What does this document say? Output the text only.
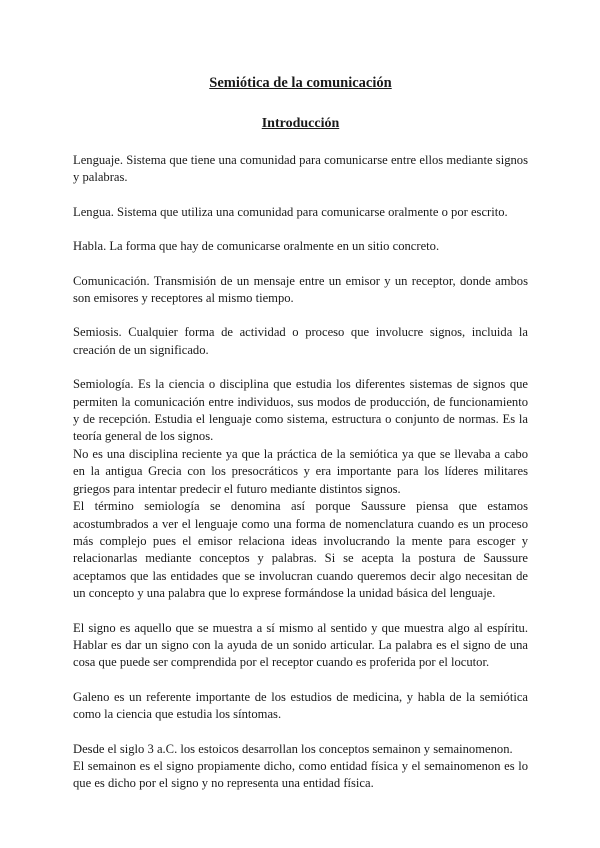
Semiótica de la comunicación
Introducción

Lenguaje. Sistema que tiene una comunidad para comunicarse entre ellos mediante signos y palabras.

Lengua. Sistema que utiliza una comunidad para comunicarse oralmente o por escrito.

Habla. La forma que hay de comunicarse oralmente en un sitio concreto.

Comunicación. Transmisión de un mensaje entre un emisor y un receptor, donde ambos son emisores y receptores al mismo tiempo.

Semiosis. Cualquier forma de actividad o proceso que involucre signos, incluida la creación de un significado.

Semiología. Es la ciencia o disciplina que estudia los diferentes sistemas de signos que permiten la comunicación entre individuos, sus modos de producción, de funcionamiento y de recepción. Estudia el lenguaje como sistema, estructura o conjunto de normas. Es la teoría general de los signos.

No es una disciplina reciente ya que la práctica de la semiótica ya que se llevaba a cabo en la antigua Grecia con los presocráticos y era importante para los líderes militares griegos para intentar predecir el futuro mediante distintos signos.

El término semiología se denomina así porque Saussure piensa que estamos acostumbrados a ver el lenguaje como una forma de nomenclatura cuando es un proceso más complejo pues el emisor relaciona ideas involucrando la mente para escoger y relacionarlas mediante conceptos y palabras. Si se acepta la postura de Saussure aceptamos que las entidades que se involucran cuando queremos decir algo necesitan de un concepto y una palabra que lo exprese formándose la unidad básica del lenguaje.

El signo es aquello que se muestra a sí mismo al sentido y que muestra algo al espíritu. Hablar es dar un signo con la ayuda de un sonido articular. La palabra es el signo de una cosa que puede ser comprendida por el receptor cuando es proferida por el locutor.

Galeno es un referente importante de los estudios de medicina, y habla de la semiótica como la ciencia que estudia los síntomas.

Desde el siglo 3 a.C. los estoicos desarrollan los conceptos semainon y semainomenon.

El semainon es el signo propiamente dicho, como entidad física y el semainomenon es lo que es dicho por el signo y no representa una entidad física.
